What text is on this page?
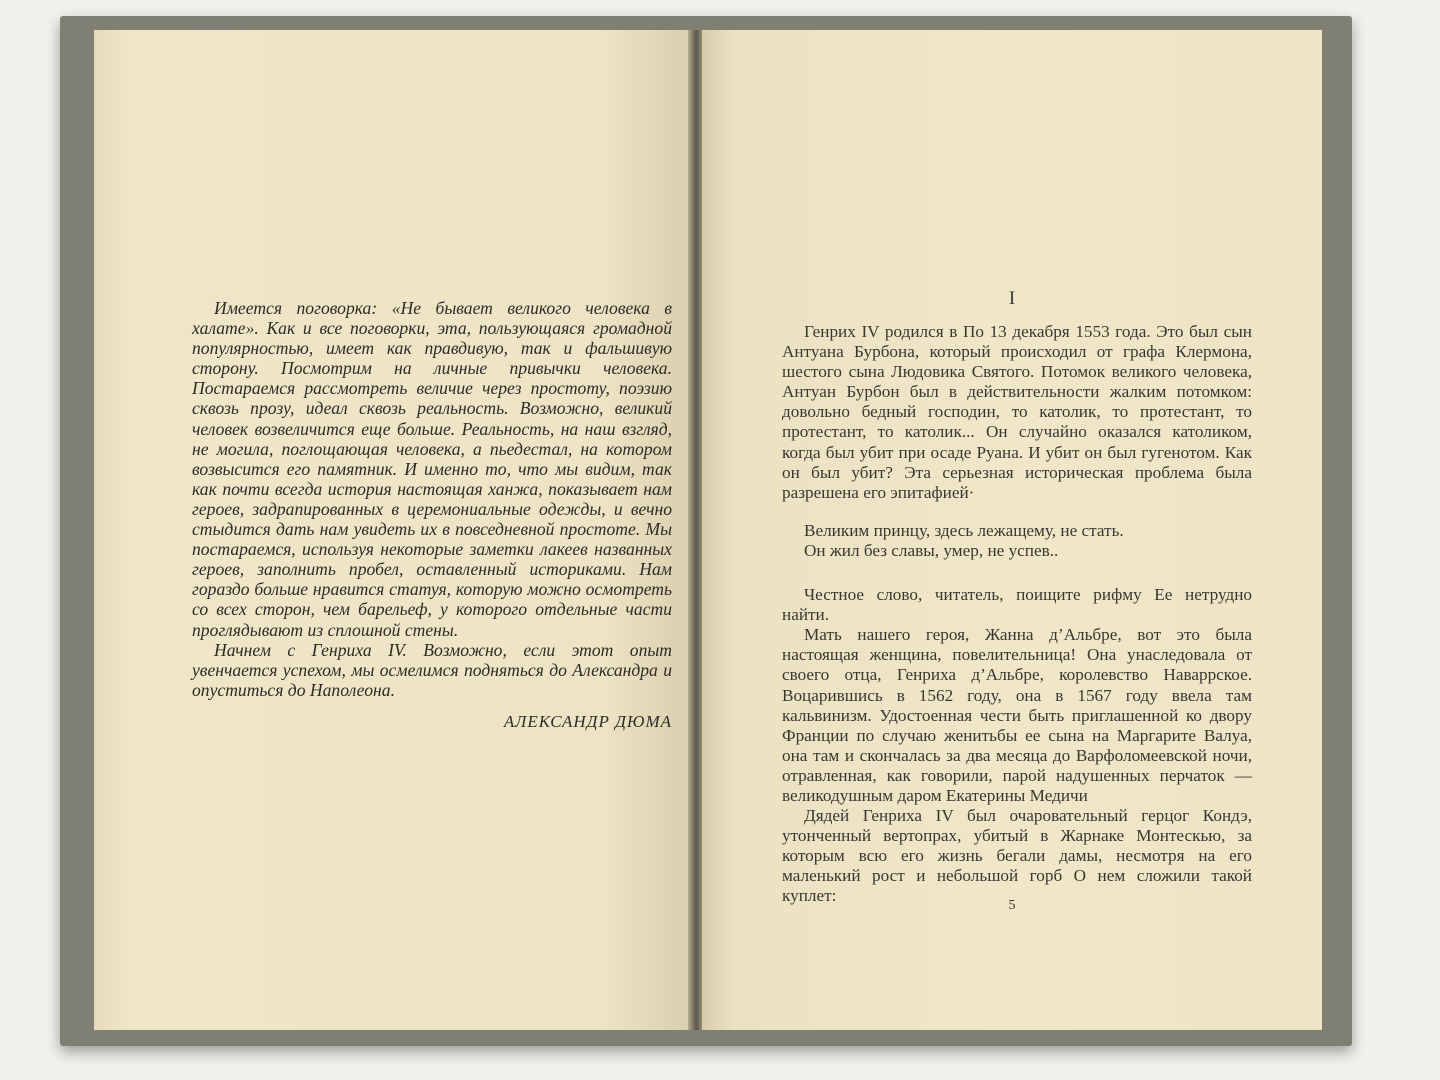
Имеется поговорка: «Не бывает великого человека в халате». Как и все поговорки, эта, пользующаяся громадной популярностью, имеет как правдивую, так и фальшивую сторону. Посмотрим на личные привычки человека. Постараемся рассмотреть величие через простоту, поэзию сквозь прозу, идеал сквозь реальность. Возможно, великий человек возвеличится еще больше. Реальность, на наш взгляд, не могила, поглощающая человека, а пьедестал, на котором возвысится его памятник. И именно то, что мы видим, так как почти всегда история настоящая ханжа, показывает нам героев, задрапированных в церемониальные одежды, и вечно стыдится дать нам увидеть их в повседневной простоте. Мы постараемся, используя некоторые заметки лакеев названных героев, заполнить пробел, оставленный историками. Нам гораздо больше нравится статуя, которую можно осмотреть со всех сторон, чем барельеф, у которого отдельные части проглядывают из сплошной стены.

Начнем с Генриха IV. Возможно, если этот опыт увенчается успехом, мы осмелимся подняться до Александра и опуститься до Наполеона.

АЛЕКСАНДР ДЮМА

I

Генрих IV родился в По 13 декабря 1553 года. Это был сын Антуана Бурбона, который происходил от графа Клермона, шестого сына Людовика Святого. Потомок великого человека, Антуан Бурбон был в действительности жалким потомком: довольно бедный господин, то католик, то протестант, то протестант, то католик... Он случайно оказался католиком, когда был убит при осаде Руана. И убит он был гугенотом. Как он был убит? Эта серьезная историческая проблема была разрешена его эпитафией·

Великим принцу, здесь лежащему, не стать.
Он жил без славы, умер, не успев..

Честное слово, читатель, поищите рифму Ее нетрудно найти.

Мать нашего героя, Жанна д’Альбре, вот это была настоящая женщина, повелительница! Она унаследовала от своего отца, Генриха д’Альбре, королевство Наваррское. Воцарившись в 1562 году, она в 1567 году ввела там кальвинизм. Удостоенная чести быть приглашенной ко двору Франции по случаю женитьбы ее сына на Маргарите Валуа, она там и скончалась за два месяца до Варфоломеевской ночи, отравленная, как говорили, парой надушенных перчаток — великодушным даром Екатерины Медичи

Дядей Генриха IV был очаровательный герцог Кондэ, утонченный вертопрах, убитый в Жарнаке Монтескью, за которым всю его жизнь бегали дамы, несмотря на его маленький рост и небольшой горб О нем сложили такой куплет:

5
